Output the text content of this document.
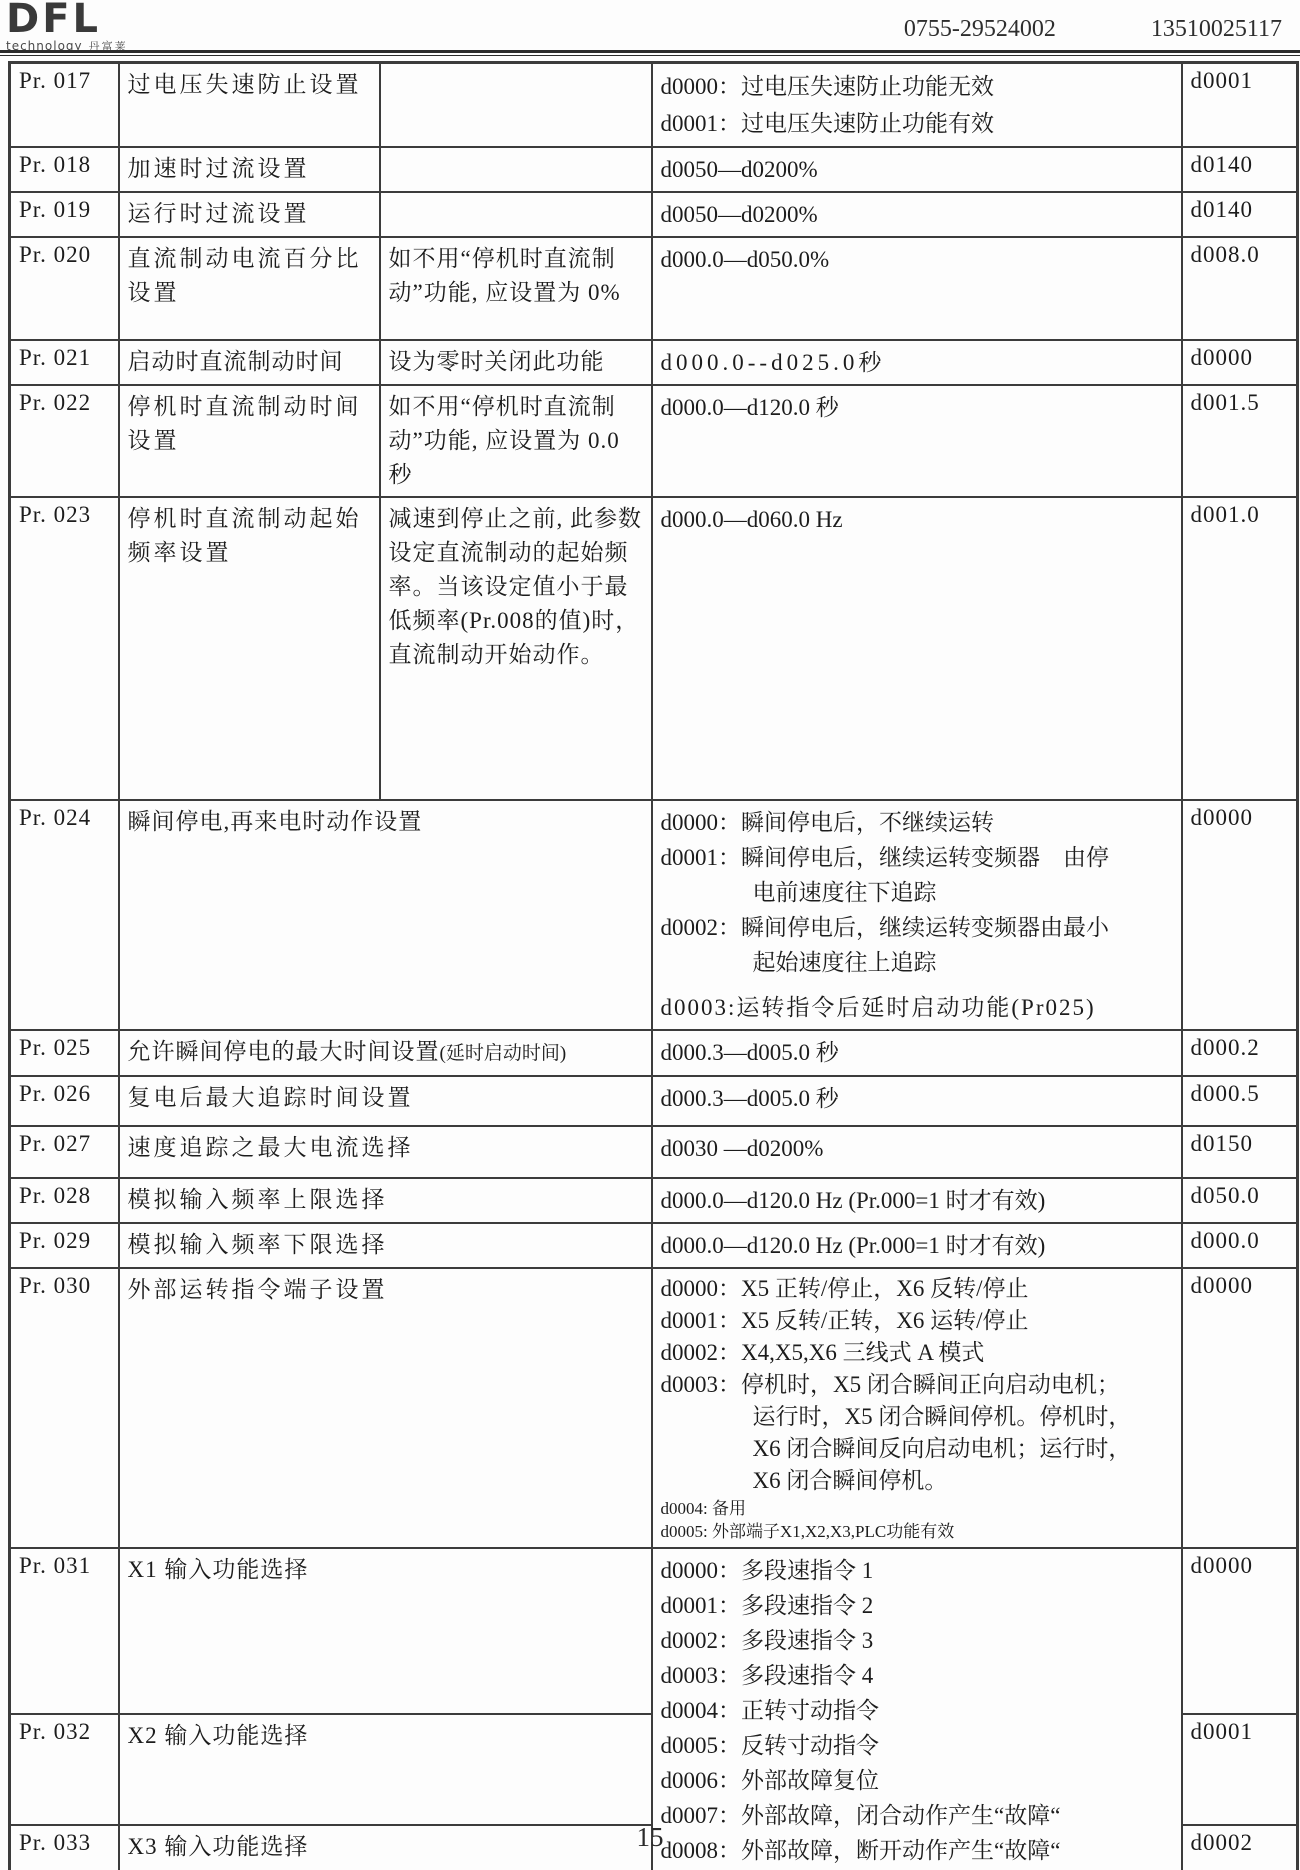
DFL
technology 丹富莱
0755-29524002	13510025117
Pr. 017	过电压失速防止设置		d0000：过电压失速防止功能无效
d0001：过电压失速防止功能有效	d0001
Pr. 018	加速时过流设置		d0050—d0200%	d0140
Pr. 019	运行时过流设置		d0050—d0200%	d0140
Pr. 020	直流制动电流百分比设置	如不用“停机时直流制动”功能, 应设置为 0%	d000.0—d050.0%	d008.0
Pr. 021	启动时直流制动时间	设为零时关闭此功能	d000.0--d025.0秒	d0000
Pr. 022	停机时直流制动时间设置	如不用“停机时直流制动”功能, 应设置为 0.0 秒	d000.0—d120.0 秒	d001.5
Pr. 023	停机时直流制动起始频率设置	减速到停止之前, 此参数设定直流制动的起始频率。当该设定值小于最低频率(Pr.008的值)时，直流制动开始动作。	d000.0—d060.0 Hz	d001.0
Pr. 024	瞬间停电,再来电时动作设置	d0000：瞬间停电后，不继续运转
d0001：瞬间停电后，继续运转变频器　由停
电前速度往下追踪
d0002：瞬间停电后，继续运转变频器由最小
起始速度往上追踪
d0003:运转指令后延时启动功能(Pr025)
	d0000
Pr. 025	允许瞬间停电的最大时间设置(延时启动时间)		d000.3—d005.0 秒	d000.2
Pr. 026	复电后最大追踪时间设置		d000.3—d005.0 秒	d000.5
Pr. 027	速度追踪之最大电流选择		d0030 —d0200%	d0150
Pr. 028	模拟输入频率上限选择		d000.0—d120.0 Hz (Pr.000=1 时才有效)	d050.0
Pr. 029	模拟输入频率下限选择		d000.0—d120.0 Hz (Pr.000=1 时才有效)	d000.0
Pr. 030	外部运转指令端子设置	d0000：X5 正转/停止，X6 反转/停止
d0001：X5 反转/正转，X6 运转/停止
d0002：X4,X5,X6 三线式 A 模式
d0003：停机时，X5 闭合瞬间正向启动电机；
运行时，X5 闭合瞬间停机。停机时，
X6 闭合瞬间反向启动电机；运行时，
X6 闭合瞬间停机。
d0004: 备用
d0005: 外部端子X1,X2,X3,PLC功能有效
	d0000
Pr. 031	X1 输入功能选择	d0000：多段速指令 1
d0001：多段速指令 2
d0002：多段速指令 3
d0003：多段速指令 4
d0004：正转寸动指令
d0005：反转寸动指令
d0006：外部故障复位
d0007：外部故障，闭合动作产生“故障“
d0008：外部故障，断开动作产生“故障“
	d0000
Pr. 032	X2 输入功能选择			d0001
Pr. 033	X3 输入功能选择			d0002
15
